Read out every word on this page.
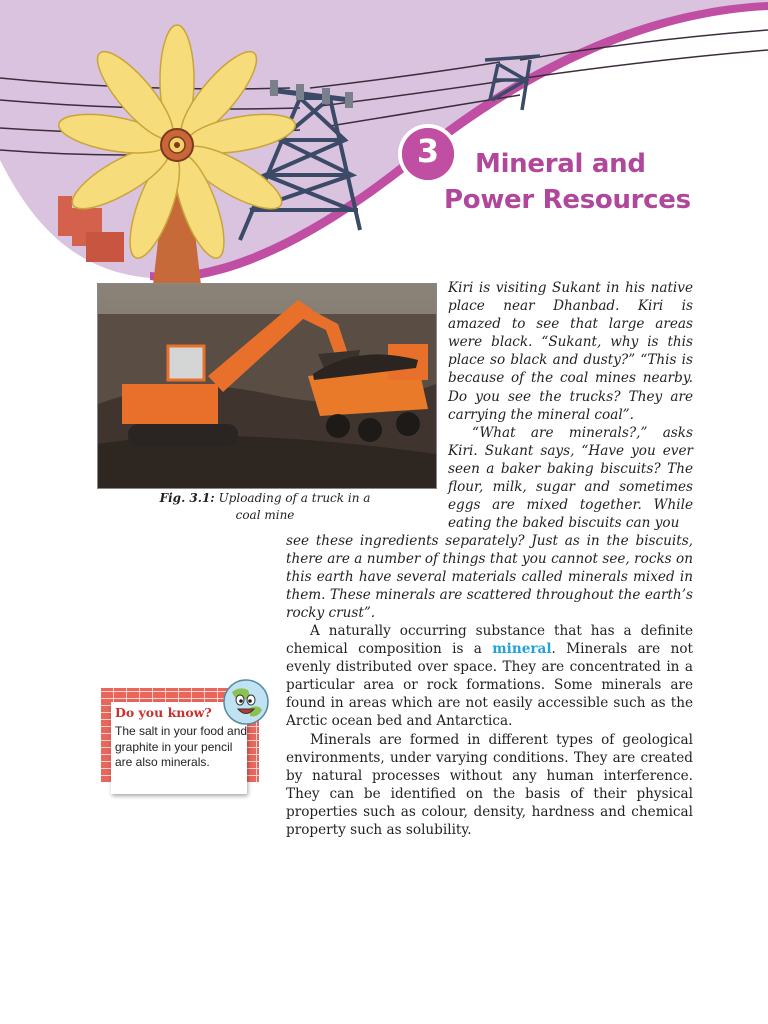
3	Mineral and
Power Resources
Fig. 3.1: Uploading of a truck in a coal mine

Kiri is visiting Sukant in his native place near Dhanbad. Kiri is amazed to see that large areas were black. “Sukant, why is this place so black and dusty?” “This is because of the coal mines nearby. Do you see the trucks? They are carrying the mineral coal”.

“What are minerals?,” asks Kiri. Sukant says, “Have you ever seen a baker baking biscuits? The flour, milk, sugar and sometimes eggs are mixed together. While eating the baked biscuits can you

see these ingredients separately? Just as in the biscuits, there are a number of things that you cannot see, rocks on this earth have several materials called minerals mixed in them. These minerals are scattered throughout the earth’s rocky crust”.

A naturally occurring substance that has a definite chemical composition is a mineral. Minerals are not evenly distributed over space. They are concentrated in a particular area or rock formations. Some minerals are found in areas which are not easily accessible such as the Arctic ocean bed and Antarctica.

Minerals are formed in different types of geological environments, under varying conditions. They are created by natural processes without any human interference. They can be identified on the basis of their physical properties such as colour, density, hardness and chemical property such as solubility.

Do you know?
The salt in your food and graphite in your pencil are also minerals.
